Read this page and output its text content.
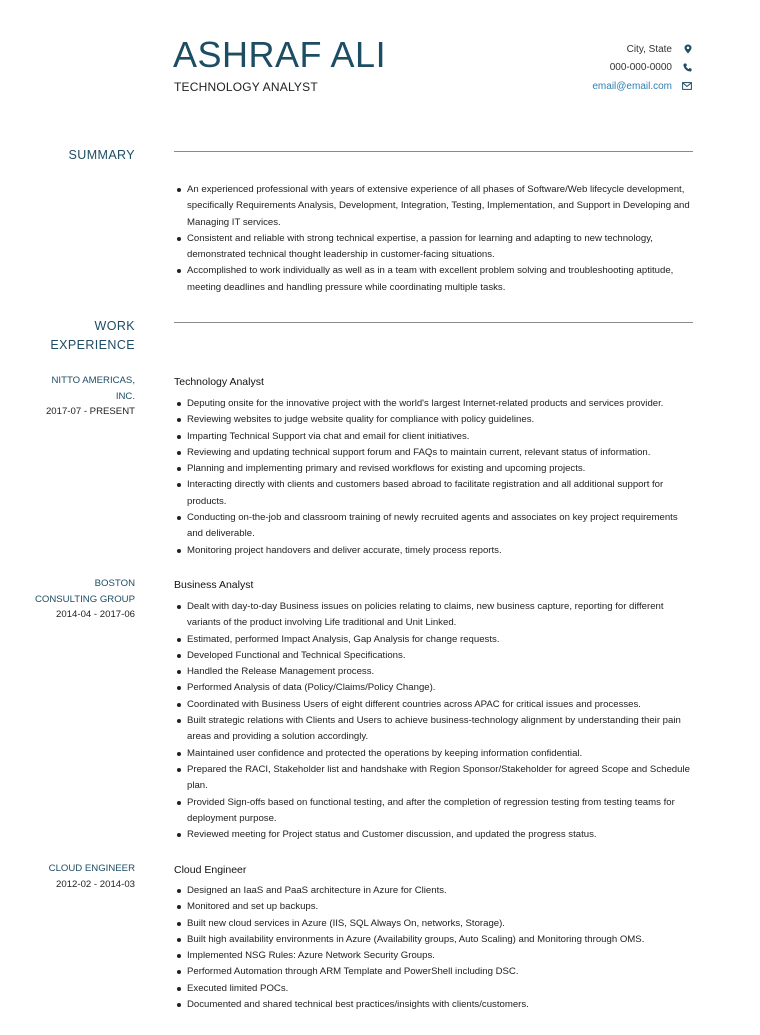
ASHRAF ALI
TECHNOLOGY ANALYST
City, State
000-000-0000
email@email.com
SUMMARY
An experienced professional with years of extensive experience of all phases of Software/Web lifecycle development, specifically Requirements Analysis, Development, Integration, Testing, Implementation, and Support in Developing and Managing IT services.
Consistent and reliable with strong technical expertise, a passion for learning and adapting to new technology, demonstrated technical thought leadership in customer-facing situations.
Accomplished to work individually as well as in a team with excellent problem solving and troubleshooting aptitude, meeting deadlines and handling pressure while coordinating multiple tasks.
WORK
EXPERIENCE
NITTO AMERICAS,
INC.
2017-07 - PRESENT
Technology Analyst
Deputing onsite for the innovative project with the world's largest Internet-related products and services provider.
Reviewing websites to judge website quality for compliance with policy guidelines.
Imparting Technical Support via chat and email for client initiatives.
Reviewing and updating technical support forum and FAQs to maintain current, relevant status of information.
Planning and implementing primary and revised workflows for existing and upcoming projects.
Interacting directly with clients and customers based abroad to facilitate registration and all additional support for products.
Conducting on-the-job and classroom training of newly recruited agents and associates on key project requirements and deliverable.
Monitoring project handovers and deliver accurate, timely process reports.
BOSTON
CONSULTING GROUP
2014-04 - 2017-06
Business Analyst
Dealt with day-to-day Business issues on policies relating to claims, new business capture, reporting for different variants of the product involving Life traditional and Unit Linked.
Estimated, performed Impact Analysis, Gap Analysis for change requests.
Developed Functional and Technical Specifications.
Handled the Release Management process.
Performed Analysis of data (Policy/Claims/Policy Change).
Coordinated with Business Users of eight different countries across APAC for critical issues and processes.
Built strategic relations with Clients and Users to achieve business-technology alignment by understanding their pain areas and providing a solution accordingly.
Maintained user confidence and protected the operations by keeping information confidential.
Prepared the RACI, Stakeholder list and handshake with Region Sponsor/Stakeholder for agreed Scope and Schedule plan.
Provided Sign-offs based on functional testing, and after the completion of regression testing from testing teams for deployment purpose.
Reviewed meeting for Project status and Customer discussion, and updated the progress status.
CLOUD ENGINEER
2012-02 - 2014-03
Cloud Engineer
Designed an IaaS and PaaS architecture in Azure for Clients.
Monitored and set up backups.
Built new cloud services in Azure (IIS, SQL Always On, networks, Storage).
Built high availability environments in Azure (Availability groups, Auto Scaling) and Monitoring through OMS.
Implemented NSG Rules: Azure Network Security Groups.
Performed Automation through ARM Template and PowerShell including DSC.
Executed limited POCs.
Documented and shared technical best practices/insights with clients/customers.
